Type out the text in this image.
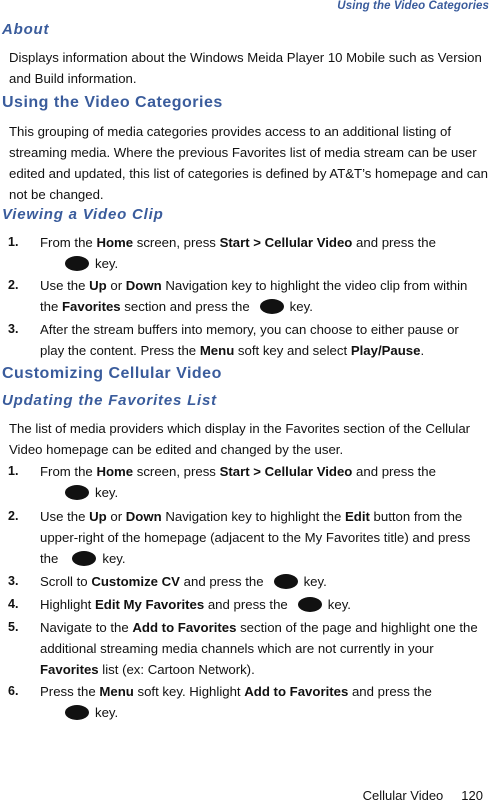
Using the Video Categories
About

Displays information about the Windows Meida Player 10 Mobile such as Version and Build information.

Using the Video Categories

This grouping of media categories provides access to an additional listing of streaming media. Where the previous Favorites list of media stream can be user edited and updated, this list of categories is defined by AT&T’s homepage and can not be changed.

Viewing a Video Clip
1.	From the Home screen, press Start > Cellular Video and press the
key.
2.	Use the Up or Down Navigation key to highlight the video clip from within
the Favorites section and press the	key.
3.	After the stream buffers into memory, you can choose to either pause or
play the content. Press the Menu soft key and select Play/Pause.
Customizing Cellular Video
Updating the Favorites List

The list of media providers which display in the Favorites section of the Cellular Video homepage can be edited and changed by the user.

1.	From the Home screen, press Start > Cellular Video and press the
key.
2.	Use the Up or Down Navigation key to highlight the Edit button from the
upper-right of the homepage (adjacent to the My Favorites title) and press
the	key.
3.	Scroll to Customize CV and press the	key.
4.	Highlight Edit My Favorites and press the	key.
5.	Navigate to the Add to Favorites section of the page and highlight one the
additional streaming media channels which are not currently in your
Favorites list (ex: Cartoon Network).
6.	Press the Menu soft key. Highlight Add to Favorites and press the
key.
Cellular Video 120
